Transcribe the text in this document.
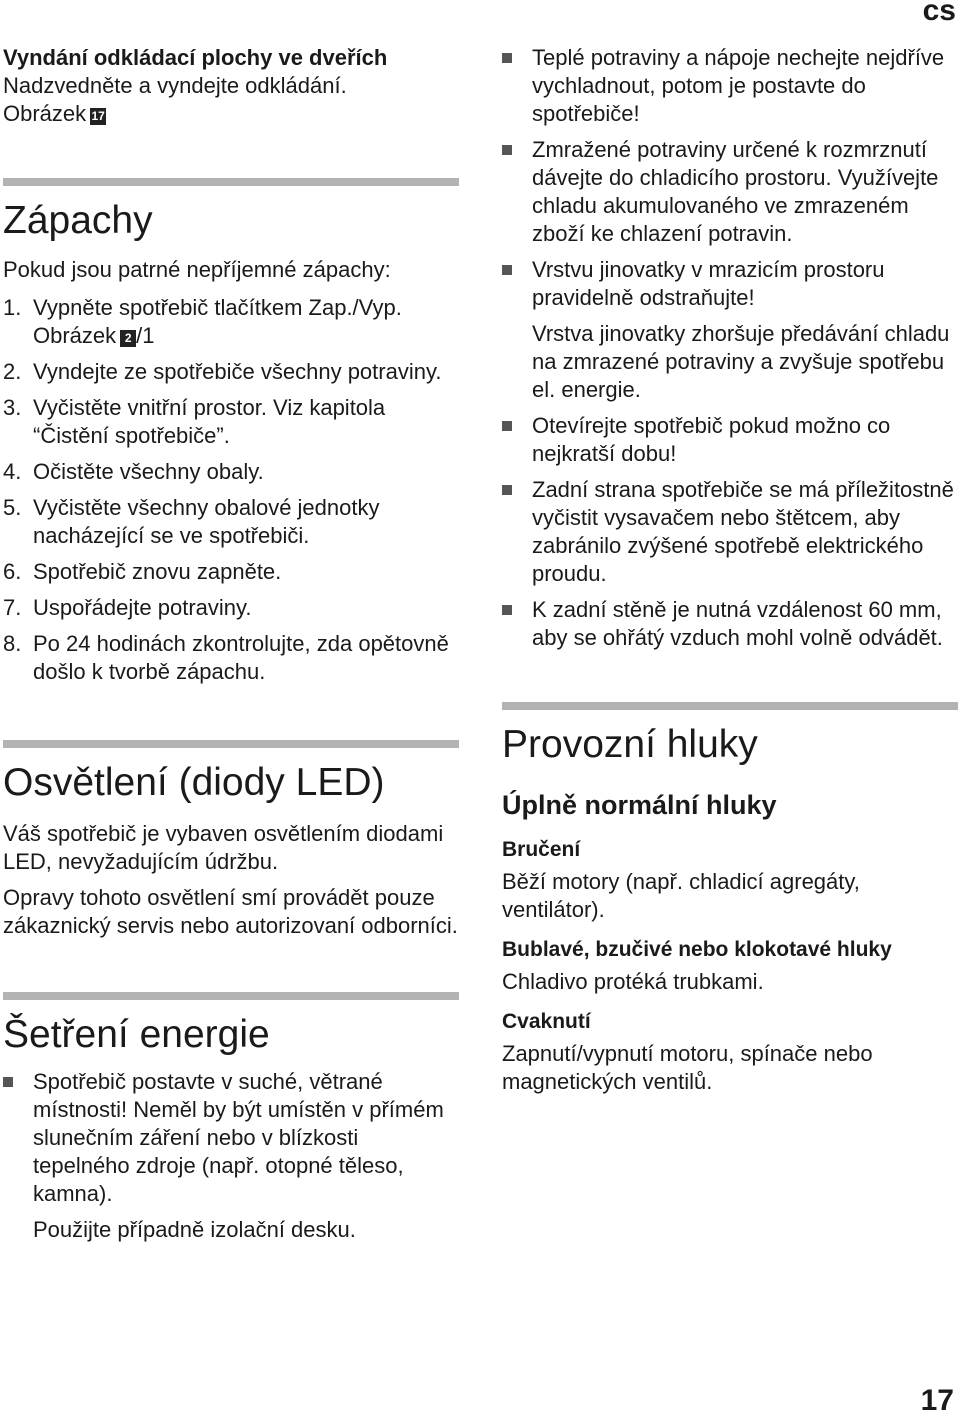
cs

Vyndání odkládací plochy ve dveřích

Nadzvedněte a vyndejte odkládání.

Obrázek 17

Zápachy

Pokud jsou patrné nepříjemné zápachy:

1. Vypněte spotřebič tlačítkem Zap./Vyp.
Obrázek 2 /1
2. Vyndejte ze spotřebiče všechny potraviny.
3. Vyčistěte vnitřní prostor. Viz kapitola “Čistění spotřebiče”.
4. Očistěte všechny obaly.
5. Vyčistěte všechny obalové jednotky nacházející se ve spotřebiči.
6. Spotřebič znovu zapněte.
7. Uspořádejte potraviny.
8. Po 24 hodinách zkontrolujte, zda opětovně došlo k tvorbě zápachu.
Osvětlení (diody LED)

Váš spotřebič je vybaven osvětlením diodami LED, nevyžadujícím údržbu.

Opravy tohoto osvětlení smí provádět pouze zákaznický servis nebo autorizovaní odborníci.

Šetření energie
Spotřebič postavte v suché, větrané místnosti! Neměl by být umístěn v přímém slunečním záření nebo v blízkosti tepelného zdroje (např. otopné těleso, kamna).
Použijte případně izolační desku.
Teplé potraviny a nápoje nechejte nejdříve vychladnout, potom je postavte do spotřebiče!
Zmražené potraviny určené k rozmrznutí dávejte do chladicího prostoru. Využívejte chladu akumulovaného ve zmrazeném zboží ke chlazení potravin.
Vrstvu jinovatky v mrazicím prostoru pravidelně odstraňujte!
Vrstva jinovatky zhoršuje předávání chladu na zmrazené potraviny a zvyšuje spotřebu el. energie.
Otevírejte spotřebič pokud možno co nejkratší dobu!
Zadní strana spotřebiče se má příležitostně vyčistit vysavačem nebo štětcem, aby zabránilo zvýšené spotřebě elektrického proudu.
K zadní stěně je nutná vzdálenost 60 mm, aby se ohřátý vzduch mohl volně odvádět.
Provozní hluky
Úplně normální hluky
Bručení

Běží motory (např. chladicí agregáty, ventilátor).

Bublavé, bzučivé nebo klokotavé hluky

Chladivo protéká trubkami.

Cvaknutí

Zapnutí/vypnutí motoru, spínače nebo magnetických ventilů.

17
